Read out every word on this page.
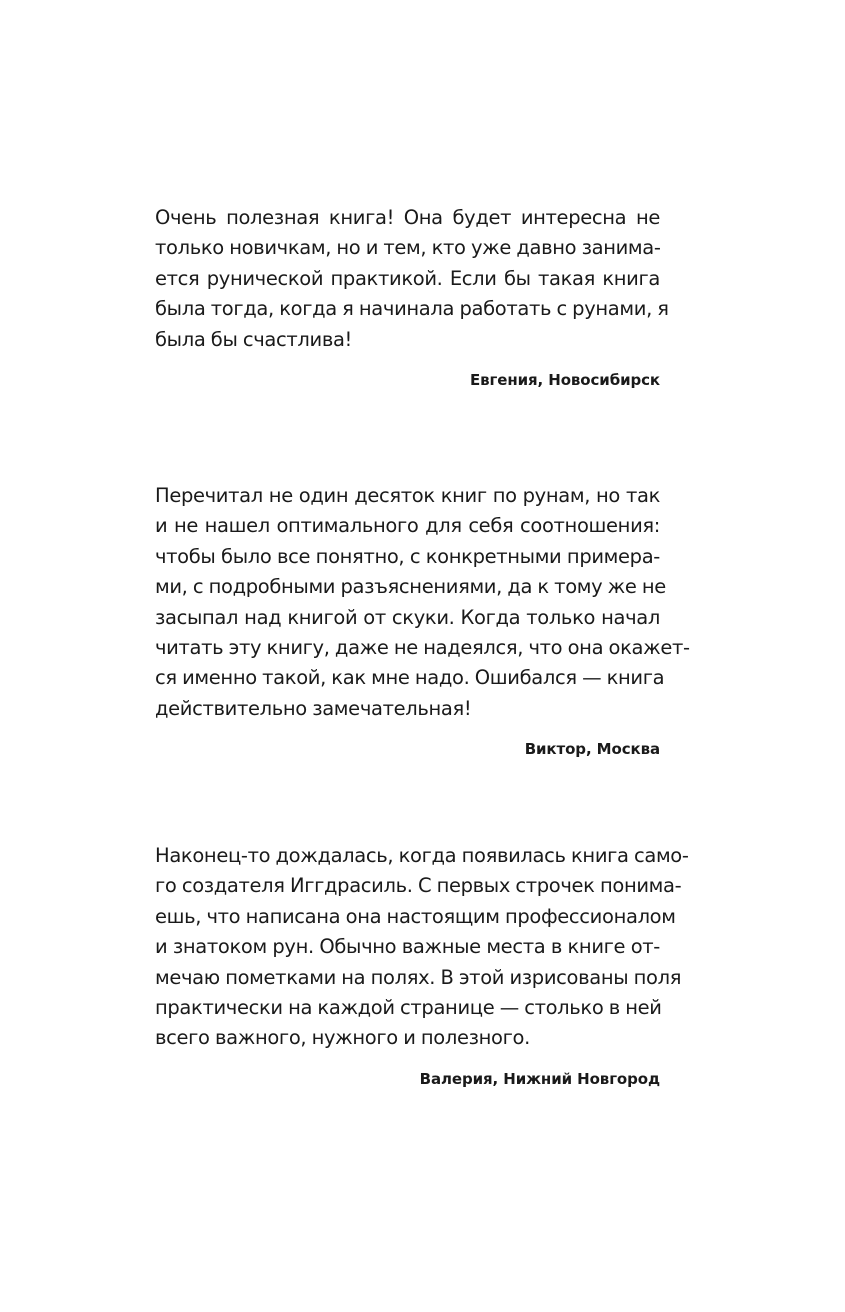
Очень полезная книга! Она будет интересна не
только новичкам, но и тем, кто уже давно занима-
ется рунической практикой. Если бы такая книга
была тогда, когда я начинала работать с рунами, я
была бы счастлива!
Евгения, Новосибирск
Перечитал не один десяток книг по рунам, но так
и не нашел оптимального для себя соотношения:
чтобы было все понятно, с конкретными примера-
ми, с подробными разъяснениями, да к тому же не
засыпал над книгой от скуки. Когда только начал
читать эту книгу, даже не надеялся, что она окажет-
ся именно такой, как мне надо. Ошибался — книга
действительно замечательная!
Виктор, Москва
Наконец-то дождалась, когда появилась книга само-
го создателя Иггдрасиль. С первых строчек понима-
ешь, что написана она настоящим профессионалом
и знатоком рун. Обычно важные места в книге от-
мечаю пометками на полях. В этой изрисованы поля
практически на каждой странице — столько в ней
всего важного, нужного и полезного.
Валерия, Нижний Новгород
